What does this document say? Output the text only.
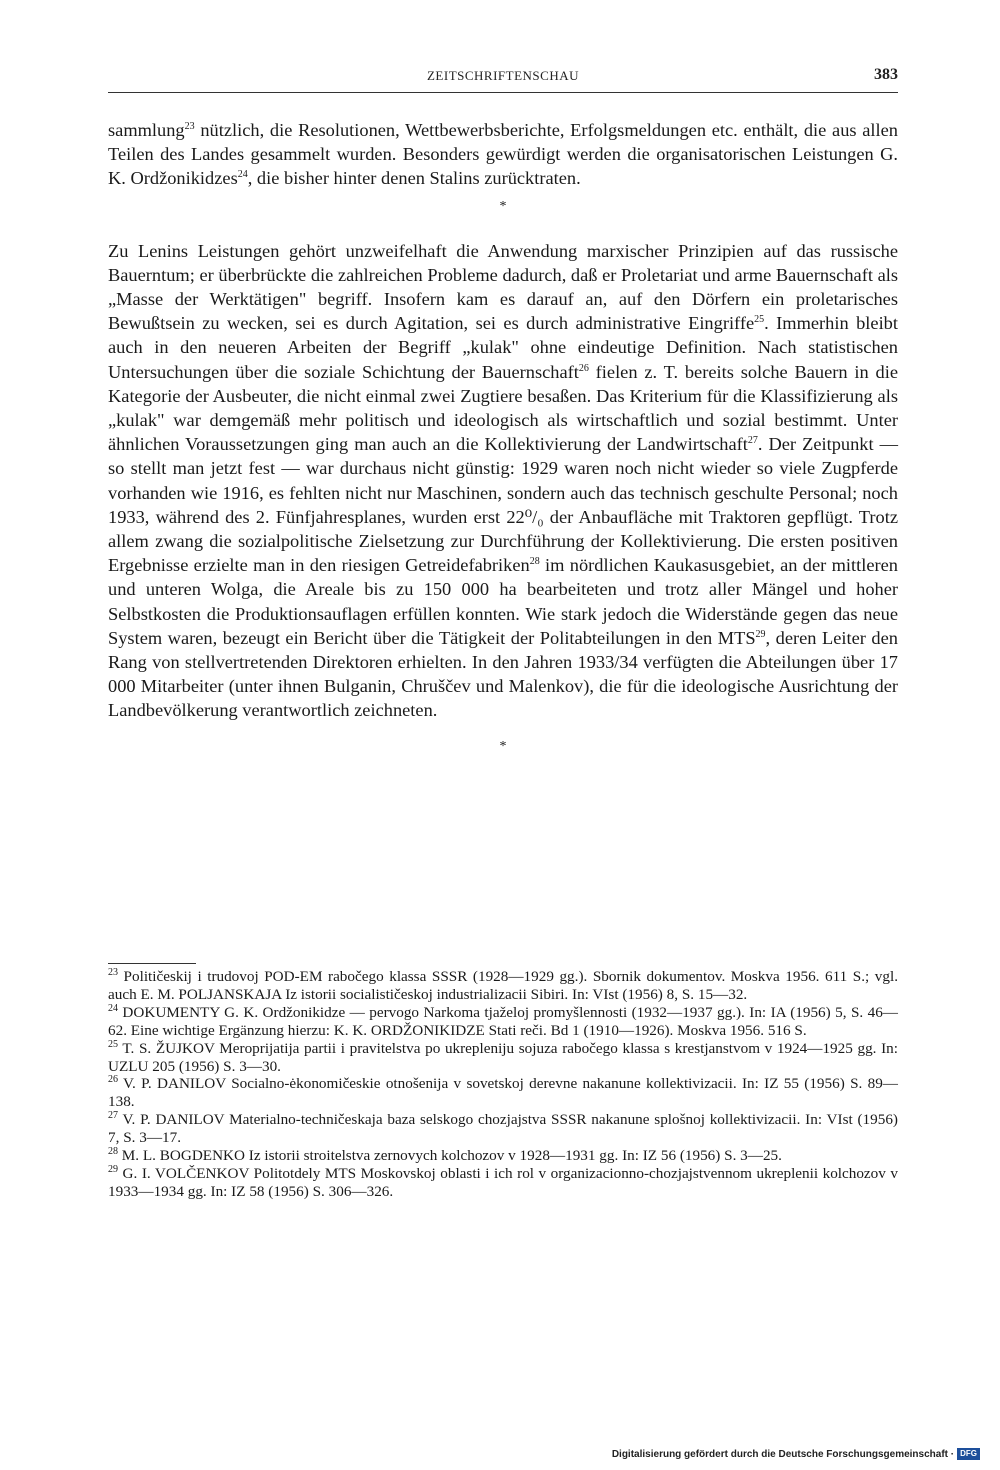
ZEITSCHRIFTENSCHAU	383

sammlung$^{23}$ nützlich, die Resolutionen, Wettbewerbsberichte, Erfolgsmeldungen etc. enthält, die aus allen Teilen des Landes gesammelt wurden. Besonders gewürdigt werden die organisatorischen Leistungen G. K. Ordžonikidzes$^{24}$, die bisher hinter denen Stalins zurücktraten.

*

Zu Lenins Leistungen gehört unzweifelhaft die Anwendung marxischer Prinzipien auf das russische Bauerntum; er überbrückte die zahlreichen Probleme dadurch, daß er Proletariat und arme Bauernschaft als „Masse der Werktätigen" begriff. Insofern kam es darauf an, auf den Dörfern ein proletarisches Bewußtsein zu wecken, sei es durch Agitation, sei es durch administrative Eingriffe$^{25}$. Immerhin bleibt auch in den neueren Arbeiten der Begriff „kulak" ohne eindeutige Definition. Nach statistischen Untersuchungen über die soziale Schichtung der Bauernschaft$^{26}$ fielen z. T. bereits solche Bauern in die Kategorie der Ausbeuter, die nicht einmal zwei Zugtiere besaßen. Das Kriterium für die Klassifizierung als „kulak" war demgemäß mehr politisch und ideologisch als wirtschaftlich und sozial bestimmt. Unter ähnlichen Voraussetzungen ging man auch an die Kollektivierung der Landwirtschaft$^{27}$. Der Zeitpunkt — so stellt man jetzt fest — war durchaus nicht günstig: 1929 waren noch nicht wieder so viele Zugpferde vorhanden wie 1916, es fehlten nicht nur Maschinen, sondern auch das technisch geschulte Personal; noch 1933, während des 2. Fünfjahresplanes, wurden erst 22⁰/₀ der Anbaufläche mit Traktoren gepflügt. Trotz allem zwang die sozialpolitische Zielsetzung zur Durchführung der Kollektivierung. Die ersten positiven Ergebnisse erzielte man in den riesigen Getreidefabriken$^{28}$ im nördlichen Kaukasusgebiet, an der mittleren und unteren Wolga, die Areale bis zu 150 000 ha bearbeiteten und trotz aller Mängel und hoher Selbstkosten die Produktionsauflagen erfüllen konnten. Wie stark jedoch die Widerstände gegen das neue System waren, bezeugt ein Bericht über die Tätigkeit der Politabteilungen in den MTS$^{29}$, deren Leiter den Rang von stellvertretenden Direktoren erhielten. In den Jahren 1933/34 verfügten die Abteilungen über 17 000 Mitarbeiter (unter ihnen Bulganin, Chruščev und Malenkov), die für die ideologische Ausrichtung der Landbevölkerung verantwortlich zeichneten.

*

$^{23}$ Političeskij i trudovoj POD-EM rabočego klassa SSSR (1928—1929 gg.). Sbornik dokumentov. Moskva 1956. 611 S.; vgl. auch E. M. POLJANSKAJA Iz istorii socialističeskoj industrializacii Sibiri. In: VIst (1956) 8, S. 15—32.

$^{24}$ DOKUMENTY G. K. Ordžonikidze — pervogo Narkoma tjaželoj promyšlennosti (1932—1937 gg.). In: IA (1956) 5, S. 46—62. Eine wichtige Ergänzung hierzu: K. K. ORDŽONIKIDZE Stati reči. Bd 1 (1910—1926). Moskva 1956. 516 S.

$^{25}$ T. S. ŽUJKOV Meroprijatija partii i pravitelstva po ukrepleniju sojuza rabočego klassa s krestjanstvom v 1924—1925 gg. In: UZLU 205 (1956) S. 3—30.

$^{26}$ V. P. DANILOV Socialno-ėkonomičeskie otnošenija v sovetskoj derevne nakanune kollektivizacii. In: IZ 55 (1956) S. 89—138.

$^{27}$ V. P. DANILOV Materialno-techničeskaja baza selskogo chozjajstva SSSR nakanune splošnoj kollektivizacii. In: VIst (1956) 7, S. 3—17.

$^{28}$ M. L. BOGDENKO Iz istorii stroitelstva zernovych kolchozov v 1928—1931 gg. In: IZ 56 (1956) S. 3—25.

$^{29}$ G. I. VOLČENKOV Politotdely MTS Moskovskoj oblasti i ich rol v organizacionno-chozjajstvennom ukreplenii kolchozov v 1933—1934 gg. In: IZ 58 (1956) S. 306—326.

Digitalisierung gefördert durch die Deutsche Forschungsgemeinschaft · DFG
